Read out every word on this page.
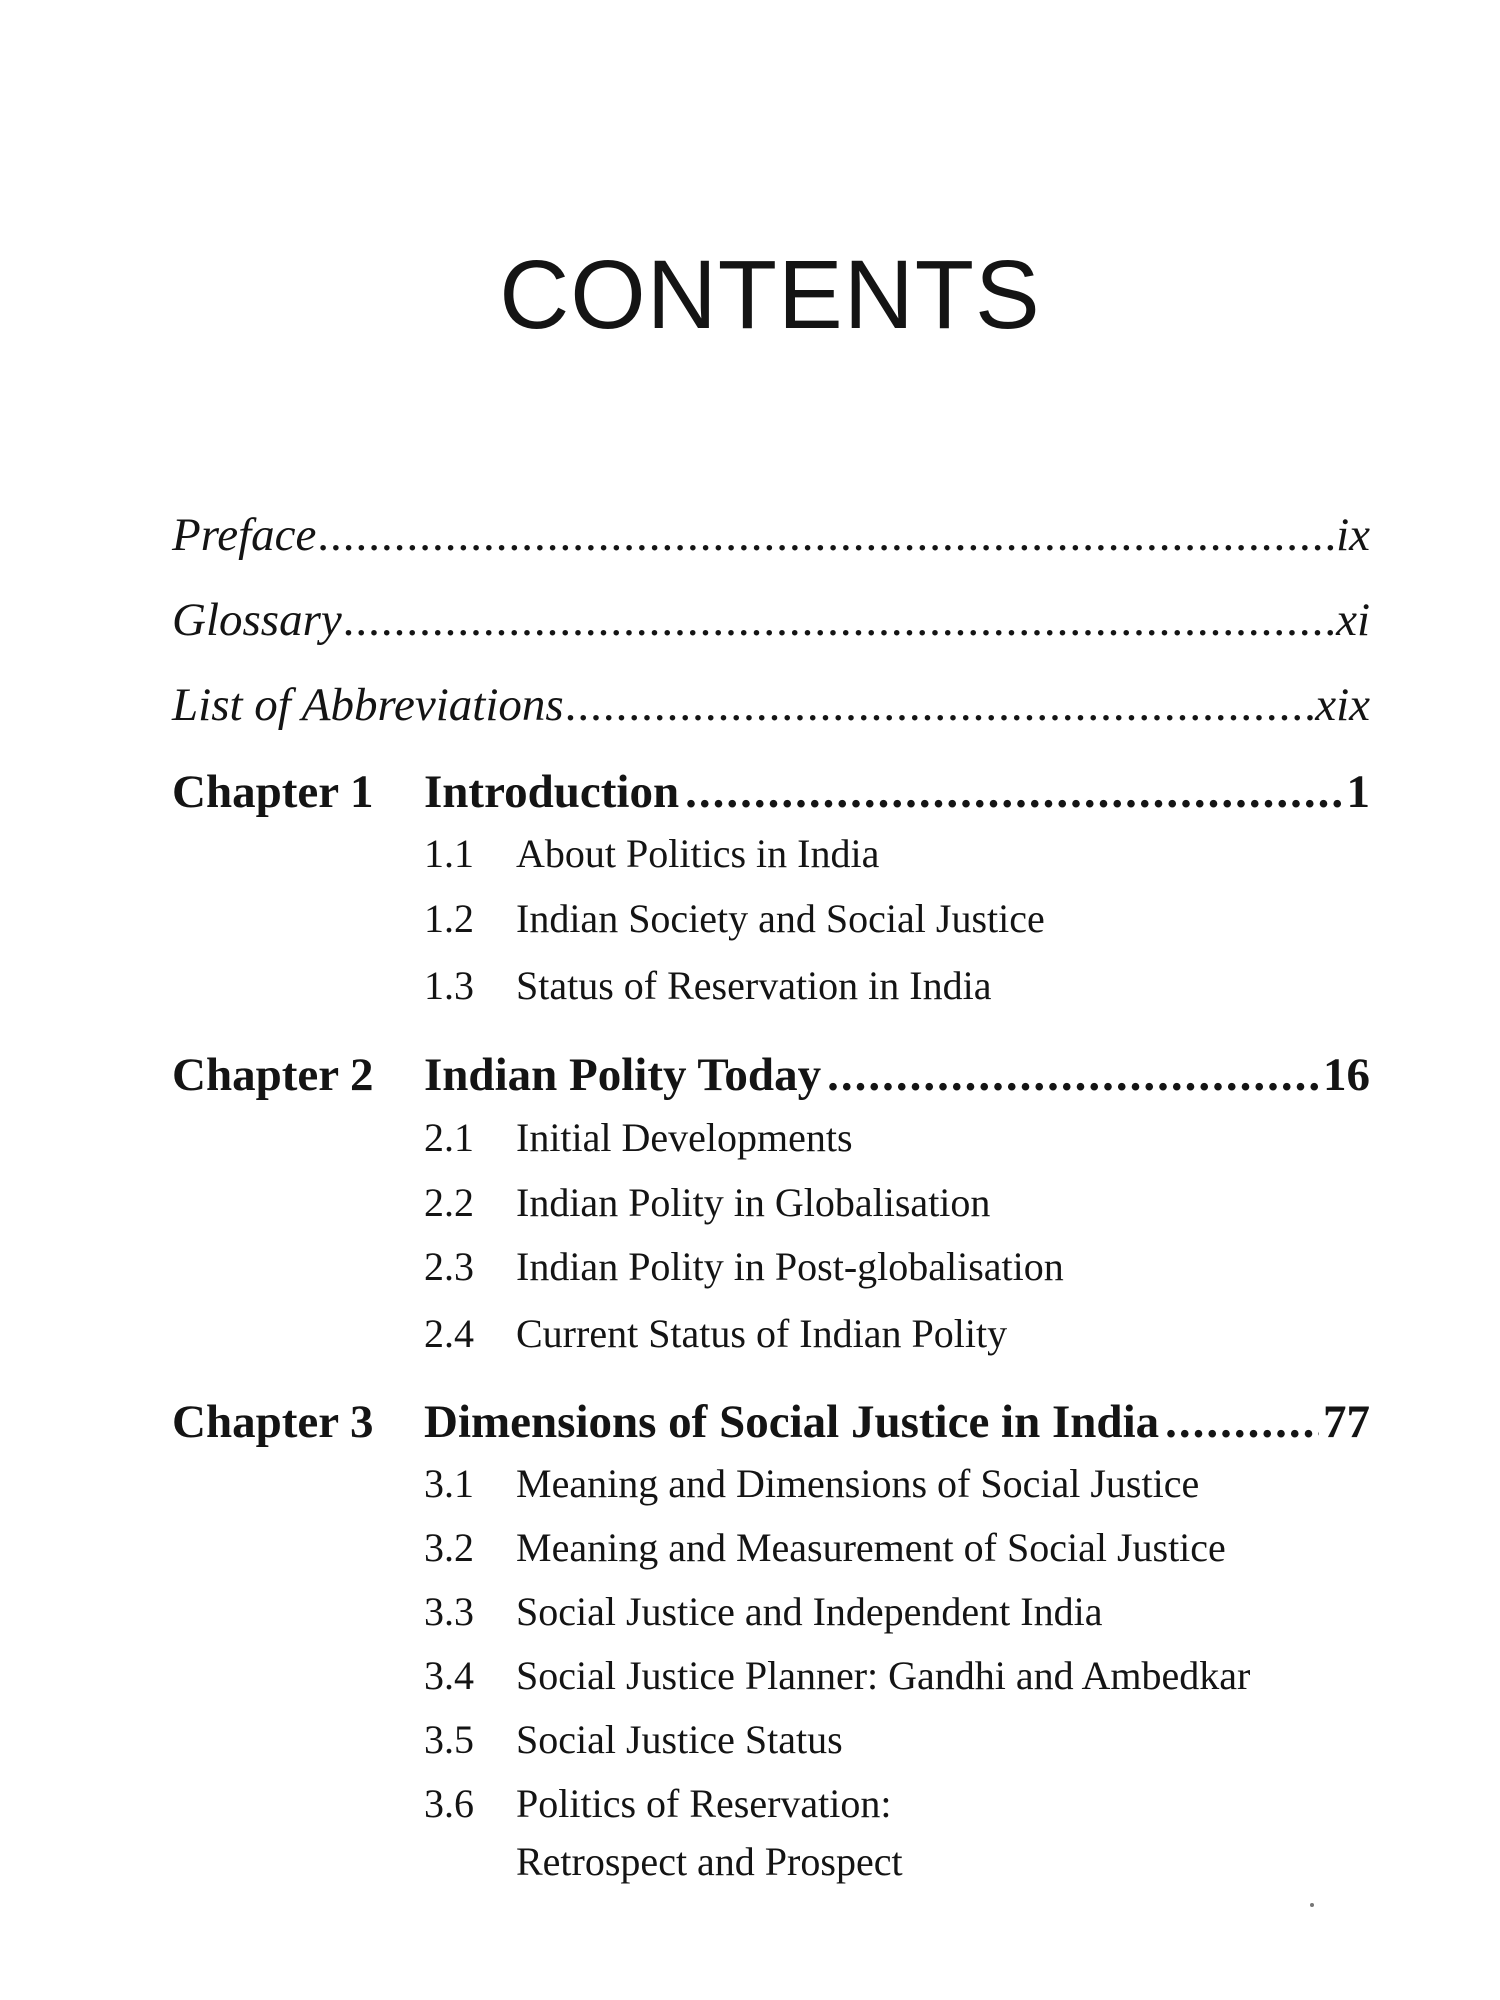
CONTENTS
Preface .....	ix
Glossary .....	xi
List of Abbreviations .....	xix
Chapter 1	Introduction .....	1
1.1	About Politics in India
1.2	Indian Society and Social Justice
1.3	Status of Reservation in India
Chapter 2	Indian Polity Today .....	16
2.1	Initial Developments
2.2	Indian Polity in Globalisation
2.3	Indian Polity in Post-globalisation
2.4	Current Status of Indian Polity
Chapter 3	Dimensions of Social Justice in India .....	77
3.1	Meaning and Dimensions of Social Justice
3.2	Meaning and Measurement of Social Justice
3.3	Social Justice and Independent India
3.4	Social Justice Planner: Gandhi and Ambedkar
3.5	Social Justice Status
3.6	Politics of Reservation: Retrospect and Prospect
